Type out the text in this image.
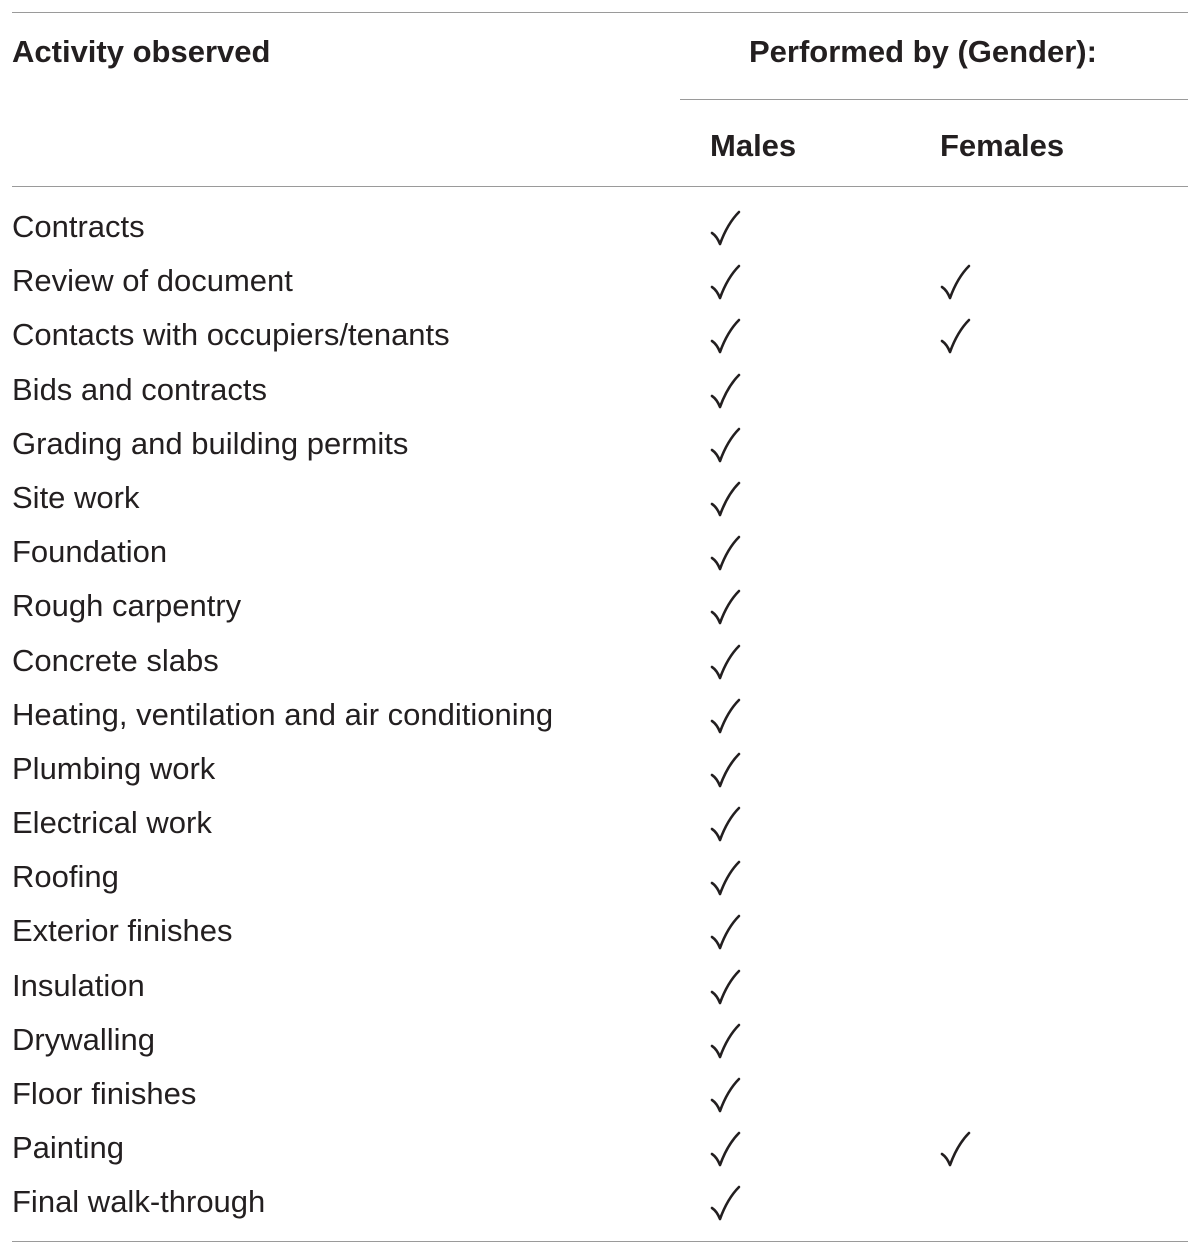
Activity observed	Performed by (Gender):
Males	Females
Contracts
Review of document
Contacts with occupiers/tenants
Bids and contracts
Grading and building permits
Site work
Foundation
Rough carpentry
Concrete slabs
Heating, ventilation and air conditioning
Plumbing work
Electrical work
Roofing
Exterior finishes
Insulation
Drywalling
Floor finishes
Painting
Final walk-through
